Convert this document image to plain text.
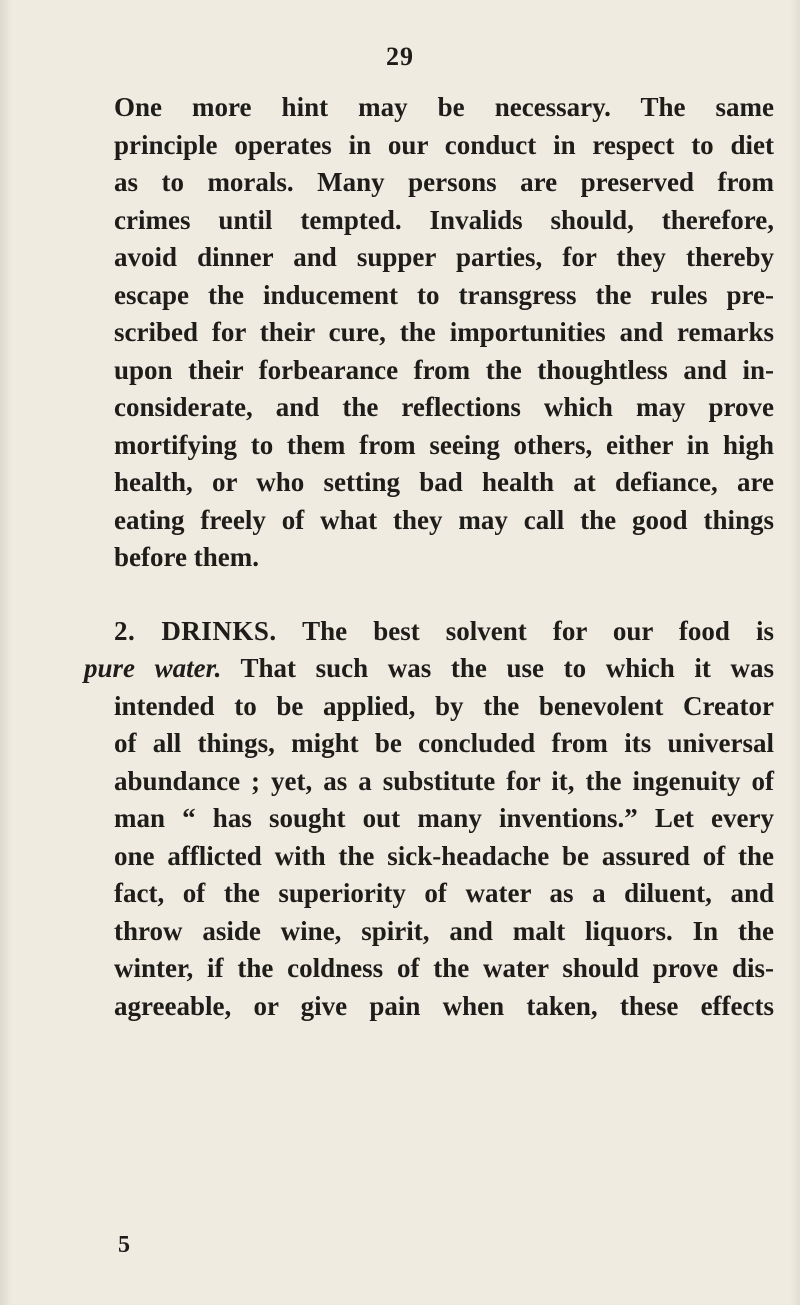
29
One more hint may be necessary. The same
principle operates in our conduct in respect to diet
as to morals. Many persons are preserved from
crimes until tempted. Invalids should, therefore,
avoid dinner and supper parties, for they thereby
escape the inducement to transgress the rules pre-
scribed for their cure, the importunities and remarks
upon their forbearance from the thoughtless and in-
considerate, and the reflections which may prove
mortifying to them from seeing others, either in high
health, or who setting bad health at defiance, are
eating freely of what they may call the good things
before them.
2. DRINKS. The best solvent for our food is
pure water. That such was the use to which it was
intended to be applied, by the benevolent Creator
of all things, might be concluded from its universal
abundance ; yet, as a substitute for it, the ingenuity of
man “ has sought out many inventions.” Let every
one afflicted with the sick-headache be assured of the
fact, of the superiority of water as a diluent, and
throw aside wine, spirit, and malt liquors. In the
winter, if the coldness of the water should prove dis-
agreeable, or give pain when taken, these effects
5
